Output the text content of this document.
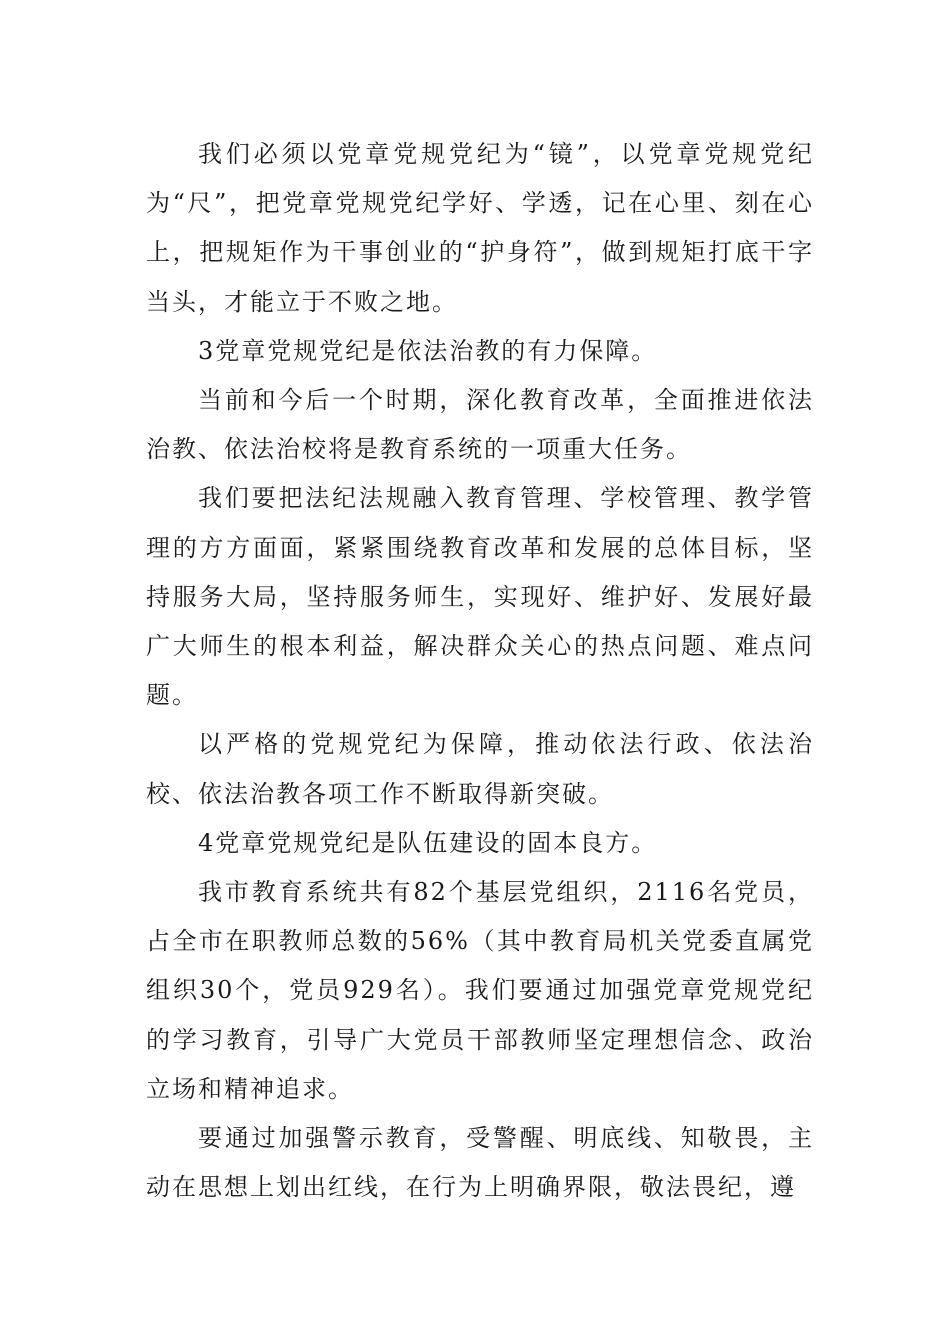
我们必须以党章党规党纪为“镜”，以党章党规党纪为“尺”，把党章党规党纪学好、学透，记在心里、刻在心上，把规矩作为干事创业的“护身符”，做到规矩打底干字当头，才能立于不败之地。

3党章党规党纪是依法治教的有力保障。

当前和今后一个时期，深化教育改革，全面推进依法治教、依法治校将是教育系统的一项重大任务。

我们要把法纪法规融入教育管理、学校管理、教学管理的方方面面，紧紧围绕教育改革和发展的总体目标，坚持服务大局，坚持服务师生，实现好、维护好、发展好最广大师生的根本利益，解决群众关心的热点问题、难点问题。

以严格的党规党纪为保障，推动依法行政、依法治校、依法治教各项工作不断取得新突破。

4党章党规党纪是队伍建设的固本良方。

我市教育系统共有82个基层党组织，2116名党员，占全市在职教师总数的56%（其中教育局机关党委直属党组织30个，党员929名）。我们要通过加强党章党规党纪的学习教育，引导广大党员干部教师坚定理想信念、政治立场和精神追求。

要通过加强警示教育，受警醒、明底线、知敬畏，主动在思想上划出红线，在行为上明确界限，敬法畏纪，遵
